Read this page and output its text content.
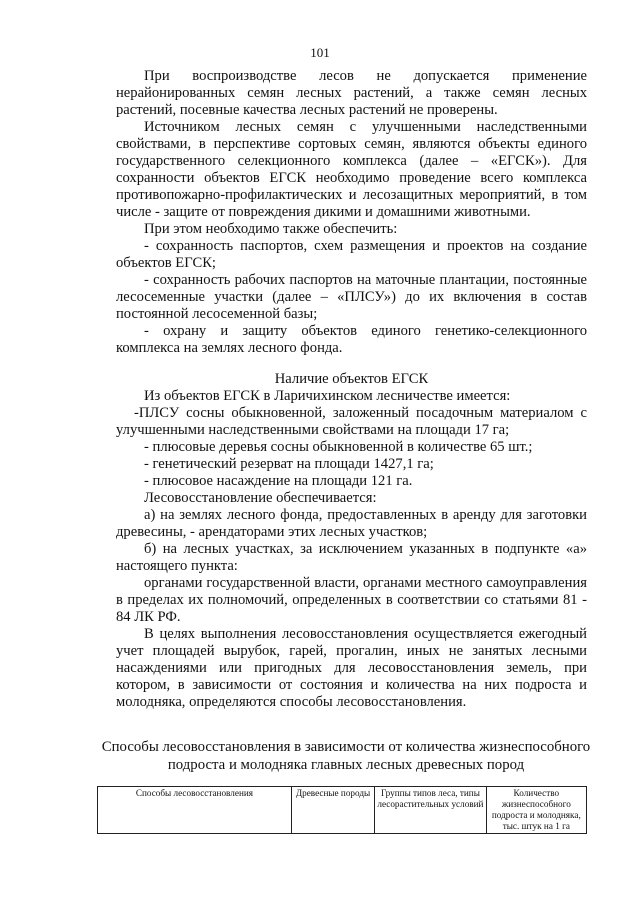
101

При воспроизводстве лесов не допускается применение нерайонированных семян лесных растений, а также семян лесных растений, посевные качества лесных растений не проверены.

Источником лесных семян с улучшенными наследственными свойствами, в перспективе сортовых семян, являются объекты единого государственного селекционного комплекса (далее – «ЕГСК»). Для сохранности объектов ЕГСК необходимо проведение всего комплекса противопожарно-профилактических и лесозащитных мероприятий, в том числе - защите от повреждения дикими и домашними животными.

При этом необходимо также обеспечить:

- сохранность паспортов, схем размещения и проектов на создание объектов ЕГСК;

- сохранность рабочих паспортов на маточные плантации, постоянные лесосеменные участки (далее – «ПЛСУ») до их включения в состав постоянной лесосеменной базы;

- охрану и защиту объектов единого генетико-селекционного комплекса на землях лесного фонда.

Наличие объектов ЕГСК

Из объектов ЕГСК в Ларичихинском лесничестве имеется:

-ПЛСУ сосны обыкновенной, заложенный посадочным материалом с улучшенными наследственными свойствами на площади 17 га;

- плюсовые деревья сосны обыкновенной в количестве 65 шт.;

- генетический резерват на площади 1427,1 га;

- плюсовое насаждение на площади 121 га.

Лесовосстановление обеспечивается:

а) на землях лесного фонда, предоставленных в аренду для заготовки древесины, - арендаторами этих лесных участков;

б) на лесных участках, за исключением указанных в подпункте «а» настоящего пункта:

органами государственной власти, органами местного самоуправления в пределах их полномочий, определенных в соответствии со статьями 81 - 84 ЛК РФ.

В целях выполнения лесовосстановления осуществляется ежегодный учет площадей вырубок, гарей, прогалин, иных не занятых лесными насаждениями или пригодных для лесовосстановления земель, при котором, в зависимости от состояния и количества на них подроста и молодняка, определяются способы лесовосстановления.

Способы лесовосстановления в зависимости от количества жизнеспособного
подроста и молодняка главных лесных древесных пород
Способы лесовосстановления	Древесные породы	Группы типов леса, типы лесорастительных условий	Количество жизнеспособного подроста и молодняка, тыс. штук на 1 га
